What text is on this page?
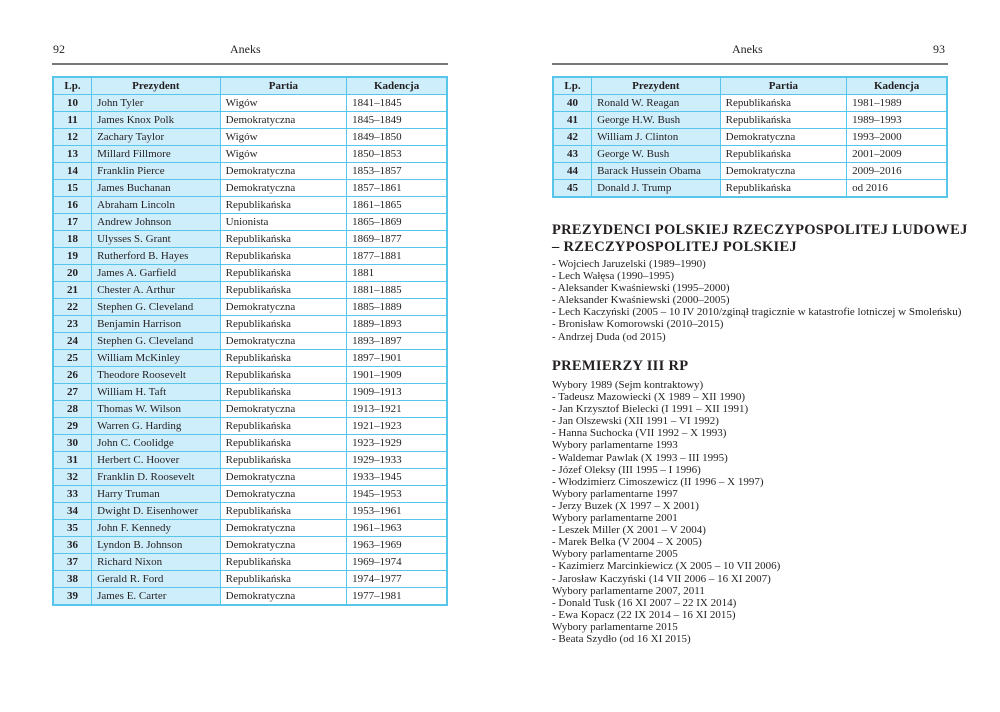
92	Aneks
Lp.	Prezydent	Partia	Kadencja
10	John Tyler	Wigów	1841–1845
11	James Knox Polk	Demokratyczna	1845–1849
12	Zachary Taylor	Wigów	1849–1850
13	Millard Fillmore	Wigów	1850–1853
14	Franklin Pierce	Demokratyczna	1853–1857
15	James Buchanan	Demokratyczna	1857–1861
16	Abraham Lincoln	Republikańska	1861–1865
17	Andrew Johnson	Unionista	1865–1869
18	Ulysses S. Grant	Republikańska	1869–1877
19	Rutherford B. Hayes	Republikańska	1877–1881
20	James A. Garfield	Republikańska	1881
21	Chester A. Arthur	Republikańska	1881–1885
22	Stephen G. Cleveland	Demokratyczna	1885–1889
23	Benjamin Harrison	Republikańska	1889–1893
24	Stephen G. Cleveland	Demokratyczna	1893–1897
25	William McKinley	Republikańska	1897–1901
26	Theodore Roosevelt	Republikańska	1901–1909
27	William H. Taft	Republikańska	1909–1913
28	Thomas W. Wilson	Demokratyczna	1913–1921
29	Warren G. Harding	Republikańska	1921–1923
30	John C. Coolidge	Republikańska	1923–1929
31	Herbert C. Hoover	Republikańska	1929–1933
32	Franklin D. Roosevelt	Demokratyczna	1933–1945
33	Harry Truman	Demokratyczna	1945–1953
34	Dwight D. Eisenhower	Republikańska	1953–1961
35	John F. Kennedy	Demokratyczna	1961–1963
36	Lyndon B. Johnson	Demokratyczna	1963–1969
37	Richard Nixon	Republikańska	1969–1974
38	Gerald R. Ford	Republikańska	1974–1977
39	James E. Carter	Demokratyczna	1977–1981
Aneks	93
Lp.	Prezydent	Partia	Kadencja
40	Ronald W. Reagan	Republikańska	1981–1989
41	George H.W. Bush	Republikańska	1989–1993
42	William J. Clinton	Demokratyczna	1993–2000
43	George W. Bush	Republikańska	2001–2009
44	Barack Hussein Obama	Demokratyczna	2009–2016
45	Donald J. Trump	Republikańska	od 2016
PREZYDENCI POLSKIEJ RZECZYPOSPOLITEJ LUDOWEJ
– RZECZYPOSPOLITEJ POLSKIEJ
- Wojciech Jaruzelski (1989–1990)
- Lech Wałęsa (1990–1995)
- Aleksander Kwaśniewski (1995–2000)
- Aleksander Kwaśniewski (2000–2005)
- Lech Kaczyński (2005 – 10 IV 2010/zginął tragicznie w katastrofie lotniczej w Smoleńsku)
- Bronisław Komorowski (2010–2015)
- Andrzej Duda (od 2015)
PREMIERZY III RP
Wybory 1989 (Sejm kontraktowy)
- Tadeusz Mazowiecki (X 1989 – XII 1990)
- Jan Krzysztof Bielecki (I 1991 – XII 1991)
- Jan Olszewski (XII 1991 – VI 1992)
- Hanna Suchocka (VII 1992 – X 1993)
Wybory parlamentarne 1993
- Waldemar Pawlak (X 1993 – III 1995)
- Józef Oleksy (III 1995 – I 1996)
- Włodzimierz Cimoszewicz (II 1996 – X 1997)
Wybory parlamentarne 1997
- Jerzy Buzek (X 1997 – X 2001)
Wybory parlamentarne 2001
- Leszek Miller (X 2001 – V 2004)
- Marek Belka (V 2004 – X 2005)
Wybory parlamentarne 2005
- Kazimierz Marcinkiewicz (X 2005 – 10 VII 2006)
- Jarosław Kaczyński (14 VII 2006 – 16 XI 2007)
Wybory parlamentarne 2007, 2011
- Donald Tusk (16 XI 2007 – 22 IX 2014)
- Ewa Kopacz (22 IX 2014 – 16 XI 2015)
Wybory parlamentarne 2015
- Beata Szydło (od 16 XI 2015)
